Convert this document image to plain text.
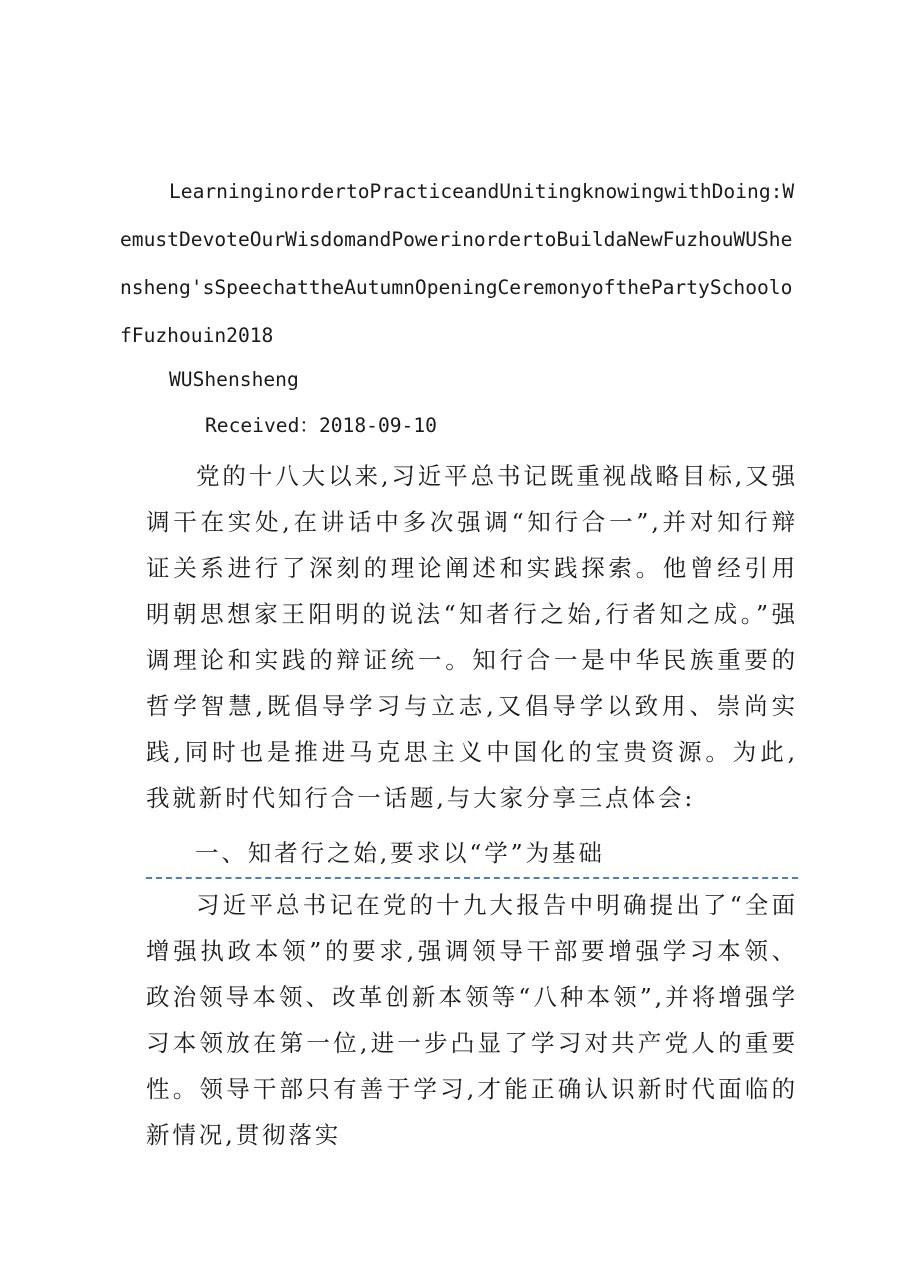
LearninginordertoPracticeandUnitingknowingwithDoing:WemustDevoteOurWisdomandPowerinordertoBuildaNewFuzhouWUShensheng'sSpeechattheAutumnOpeningCeremonyofthePartySchoolofFuzhouin2018

WUShensheng

Received：2018-09-10

党的十八大以来,习近平总书记既重视战略目标,又强调干在实处,在讲话中多次强调“知行合一”,并对知行辩证关系进行了深刻的理论阐述和实践探索。他曾经引用明朝思想家王阳明的说法“知者行之始,行者知之成。”强调理论和实践的辩证统一。知行合一是中华民族重要的哲学智慧,既倡导学习与立志,又倡导学以致用、崇尚实践,同时也是推进马克思主义中国化的宝贵资源。为此,我就新时代知行合一话题,与大家分享三点体会:

一、知者行之始,要求以“学”为基础

习近平总书记在党的十九大报告中明确提出了“全面增强执政本领”的要求,强调领导干部要增强学习本领、政治领导本领、改革创新本领等“八种本领”,并将增强学习本领放在第一位,进一步凸显了学习对共产党人的重要性。领导干部只有善于学习,才能正确认识新时代面临的新情况,贯彻落实
